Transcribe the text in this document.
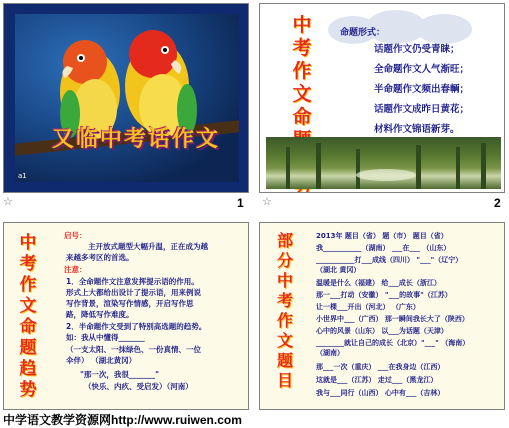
又临中考话作文
a1
☆	1
中考作文命
命题形式：
话题作文仍受青睐；
全命题作文人气渐旺；
半命题作文频出春輌；
话题作文成昨日黄花；
材料作文锦语新芽。
☆	2
中考作文命题趋势
启号：
主开放式题型大幅升温，正在成为越
来越多考区的首选。
注意：
1．全命题作文注意发挥提示语的作用。
形式上大都给出设计了提示语，用来例说
写作背景，渲染写作情感，开启写作思
路，降低写作难度。
2．半命题作文受到了特别高选题的趋势。
如：我从中懂得_______
（一支太阳、一抹绿色、一份真情、一位
伞伴） （湖北黄冈）
"那一次，我很_______"
（快乐、内疚、受启发）（河南）
部分中考作文题目
2013年 题目（省） 题（市） 题目（省）
我___________（湖南） ___在___ （山东）
___________打___成线（四川） "___"（辽宁）
（湖北 黄冈）
温暖是什么（福建） 给___成长（浙江）
那一___打动（安徽） "___的故事"（江苏）
让一棵___开出（河北） （广东）
小世界中___（广西） 那一瞬间我长大了（陕西）
心中的风景（山东） 以___为话题（天津）
________就让自己的成长（北京）"___" （海南）
（湖南）
那___一次（重庆） ___在我身边（江西）
这就是___（江苏） 走过___（黑龙江）
我与___同行（山西） 心中有___（吉林）
中学语文教学资源网http://www.ruiwen.com
